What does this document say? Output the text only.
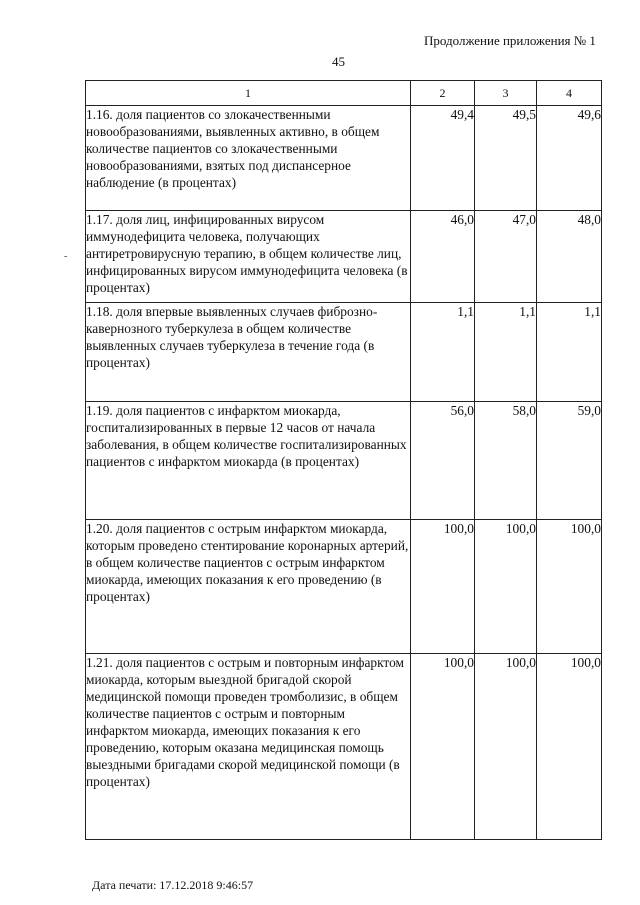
Продолжение приложения № 1
45
-
1	2	3	4
1.16. доля пациентов со злокачественными новообразованиями, выявленных активно, в общем количестве пациентов со злокачественными новообразованиями, взятых под диспансерное наблюдение (в процентах)	49,4	49,5	49,6
1.17. доля лиц, инфицированных вирусом иммунодефицита человека, получающих антиретровирусную терапию, в общем количестве лиц, инфицированных вирусом иммунодефицита человека (в процентах)	46,0	47,0	48,0
1.18. доля впервые выявленных случаев фиброзно-кавернозного туберкулеза в общем количестве выявленных случаев туберкулеза в течение года (в процентах)	1,1	1,1	1,1
1.19. доля пациентов с инфарктом миокарда, госпитализированных в первые 12 часов от начала заболевания, в общем количестве госпитализированных пациентов с инфарктом миокарда (в процентах)	56,0	58,0	59,0
1.20. доля пациентов с острым инфарктом миокарда, которым проведено стентирование коронарных артерий, в общем количестве пациентов с острым инфарктом миокарда, имеющих показания к его проведению (в процентах)	100,0	100,0	100,0
1.21. доля пациентов с острым и повторным инфарктом миокарда, которым выездной бригадой скорой медицинской помощи проведен тромболизис, в общем количестве пациентов с острым и повторным инфарктом миокарда, имеющих показания к его проведению, которым оказана медицинская помощь выездными бригадами скорой медицинской помощи (в процентах)	100,0	100,0	100,0
Дата печати: 17.12.2018 9:46:57
